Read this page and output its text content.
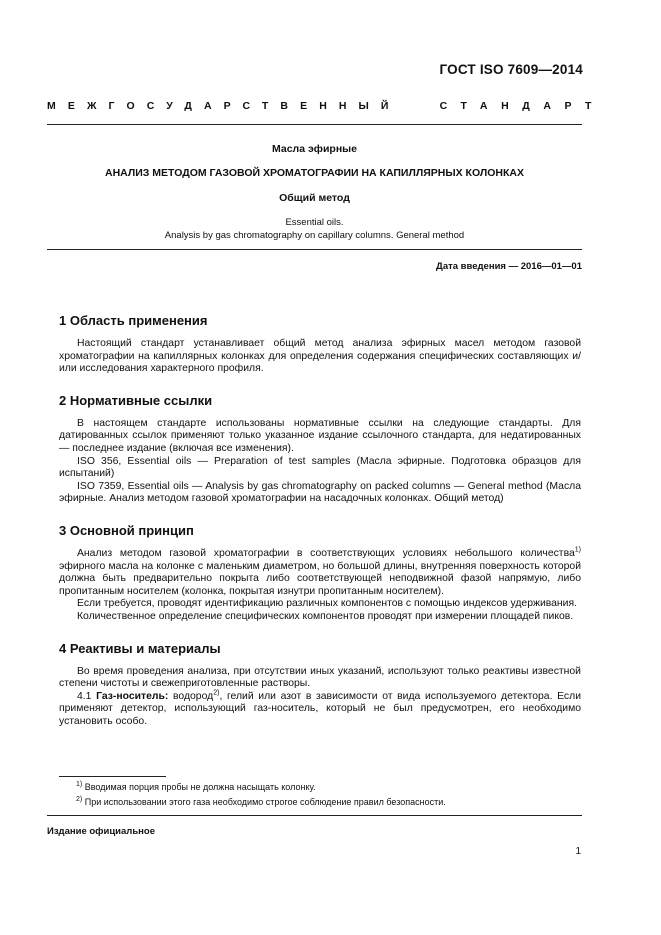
ГОСТ ISO 7609—2014
МЕЖГОСУДАРСТВЕННЫЙ	СТАНДАРТ
Масла эфирные
АНАЛИЗ МЕТОДОМ ГАЗОВОЙ ХРОМАТОГРАФИИ НА КАПИЛЛЯРНЫХ КОЛОНКАХ
Общий метод
Essential oils.
Analysis by gas chromatography on capillary columns. General method
Дата введения — 2016—01—01
1 Область применения

Настоящий стандарт устанавливает общий метод анализа эфирных масел методом газовой хроматографии на капиллярных колонках для определения содержания специфических составляющих и/или исследования характерного профиля.

2 Нормативные ссылки

В настоящем стандарте использованы нормативные ссылки на следующие стандарты. Для датированных ссылок применяют только указанное издание ссылочного стандарта, для недатированных — последнее издание (включая все изменения).

ISO 356, Essential oils — Preparation of test samples (Масла эфирные. Подготовка образцов для испытаний)

ISO 7359, Essential oils — Analysis by gas chromatography on packed columns — General method (Масла эфирные. Анализ методом газовой хроматографии на насадочных колонках. Общий метод)

3 Основной принцип

Анализ методом газовой хроматографии в соответствующих условиях небольшого количества$^{1)}$ эфирного масла на колонке с маленьким диаметром, но большой длины, внутренняя поверхность которой должна быть предварительно покрыта либо соответствующей неподвижной фазой напрямую, либо пропитанным носителем (колонка, покрытая изнутри пропитанным носителем).

Если требуется, проводят идентификацию различных компонентов с помощью индексов удерживания.

Количественное определение специфических компонентов проводят при измерении площадей пиков.

4 Реактивы и материалы

Во время проведения анализа, при отсутствии иных указаний, используют только реактивы известной степени чистоты и свежеприготовленные растворы.

4.1 Газ-носитель: водород$^{2)}$, гелий или азот в зависимости от вида используемого детектора. Если применяют детектор, использующий газ-носитель, который не был предусмотрен, его необходимо установить особо.

$^{1)}$ Вводимая порция пробы не должна насыщать колонку.
$^{2)}$ При использовании этого газа необходимо строгое соблюдение правил безопасности.
Издание официальное
1
